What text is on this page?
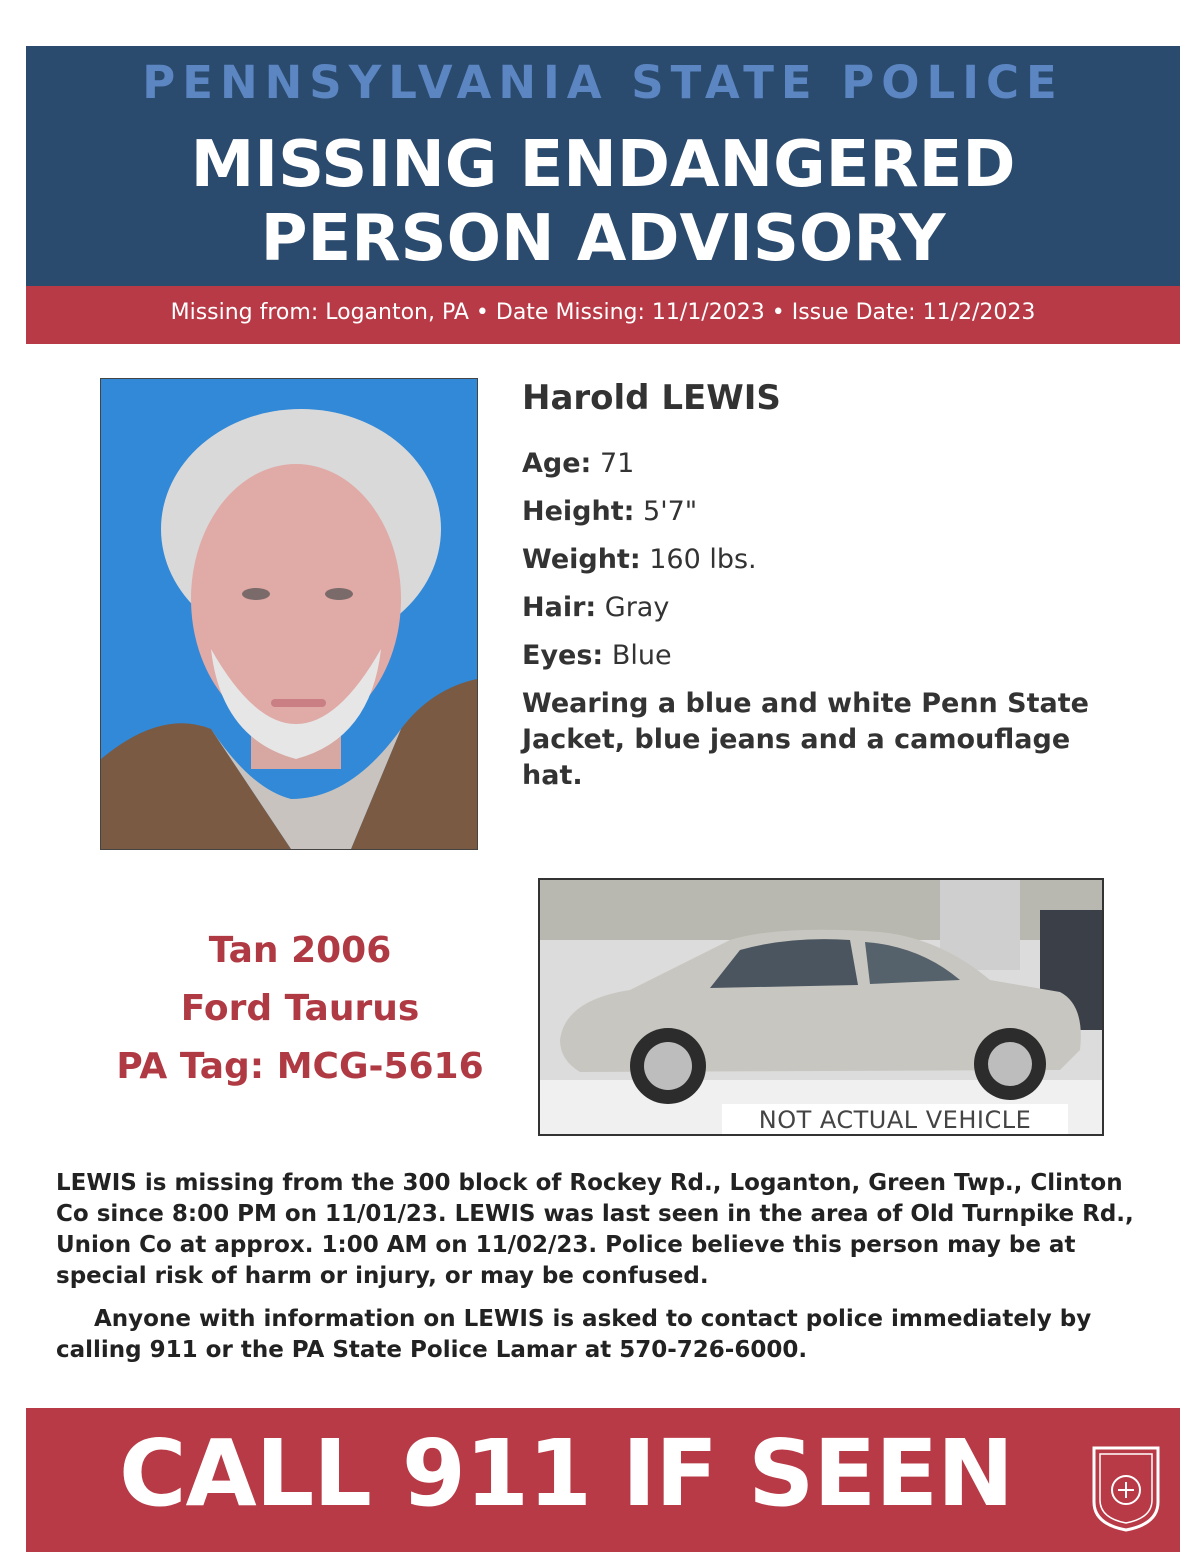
PENNSYLVANIA STATE POLICE
MISSING ENDANGERED
PERSON ADVISORY
Missing from: Loganton, PA • Date Missing: 11/1/2023 • Issue Date: 11/2/2023
Harold LEWIS
Age: 71
Height: 5'7"
Weight: 160 lbs.
Hair: Gray
Eyes: Blue
Wearing a blue and white Penn State Jacket, blue jeans and a camouflage hat.
Tan 2006
Ford Taurus
PA Tag: MCG-5616
NOT ACTUAL VEHICLE
LEWIS is missing from the 300 block of Rockey Rd., Loganton, Green Twp., Clinton Co since 8:00 PM on 11/01/23. LEWIS was last seen in the area of Old Turnpike Rd., Union Co at approx. 1:00 AM on 11/02/23. Police believe this person may be at special risk of harm or injury, or may be confused.
Anyone with information on LEWIS is asked to contact police immediately by calling 911 or the PA State Police Lamar at 570-726-6000.
CALL 911 IF SEEN
